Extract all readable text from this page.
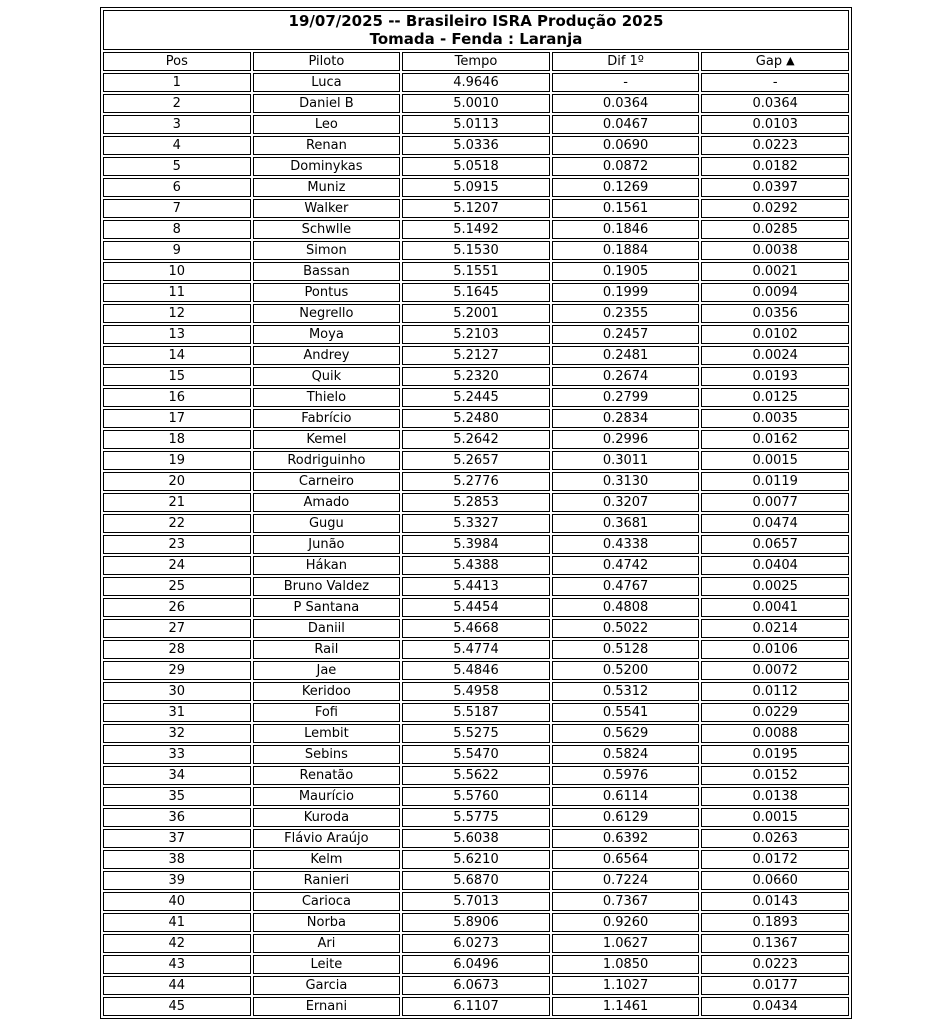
19/07/2025 -- Brasileiro ISRA Produção 2025
Tomada - Fenda : Laranja				

Pos	Piloto	Tempo	Dif 1º	Gap ▲
1	Luca	4.9646	-	-
2	Daniel B	5.0010	0.0364	0.0364
3	Leo	5.0113	0.0467	0.0103
4	Renan	5.0336	0.0690	0.0223
5	Dominykas	5.0518	0.0872	0.0182
6	Muniz	5.0915	0.1269	0.0397
7	Walker	5.1207	0.1561	0.0292
8	Schwlle	5.1492	0.1846	0.0285
9	Simon	5.1530	0.1884	0.0038
10	Bassan	5.1551	0.1905	0.0021
11	Pontus	5.1645	0.1999	0.0094
12	Negrello	5.2001	0.2355	0.0356
13	Moya	5.2103	0.2457	0.0102
14	Andrey	5.2127	0.2481	0.0024
15	Quik	5.2320	0.2674	0.0193
16	Thielo	5.2445	0.2799	0.0125
17	Fabrício	5.2480	0.2834	0.0035
18	Kemel	5.2642	0.2996	0.0162
19	Rodriguinho	5.2657	0.3011	0.0015
20	Carneiro	5.2776	0.3130	0.0119
21	Amado	5.2853	0.3207	0.0077
22	Gugu	5.3327	0.3681	0.0474
23	Junão	5.3984	0.4338	0.0657
24	Hákan	5.4388	0.4742	0.0404
25	Bruno Valdez	5.4413	0.4767	0.0025
26	P Santana	5.4454	0.4808	0.0041
27	Daniil	5.4668	0.5022	0.0214
28	Rail	5.4774	0.5128	0.0106
29	Jae	5.4846	0.5200	0.0072
30	Keridoo	5.4958	0.5312	0.0112
31	Fofi	5.5187	0.5541	0.0229
32	Lembit	5.5275	0.5629	0.0088
33	Sebins	5.5470	0.5824	0.0195
34	Renatão	5.5622	0.5976	0.0152
35	Maurício	5.5760	0.6114	0.0138
36	Kuroda	5.5775	0.6129	0.0015
37	Flávio Araújo	5.6038	0.6392	0.0263
38	Kelm	5.6210	0.6564	0.0172
39	Ranieri	5.6870	0.7224	0.0660
40	Carioca	5.7013	0.7367	0.0143
41	Norba	5.8906	0.9260	0.1893
42	Ari	6.0273	1.0627	0.1367
43	Leite	6.0496	1.0850	0.0223
44	Garcia	6.0673	1.1027	0.0177
45	Ernani	6.1107	1.1461	0.0434
